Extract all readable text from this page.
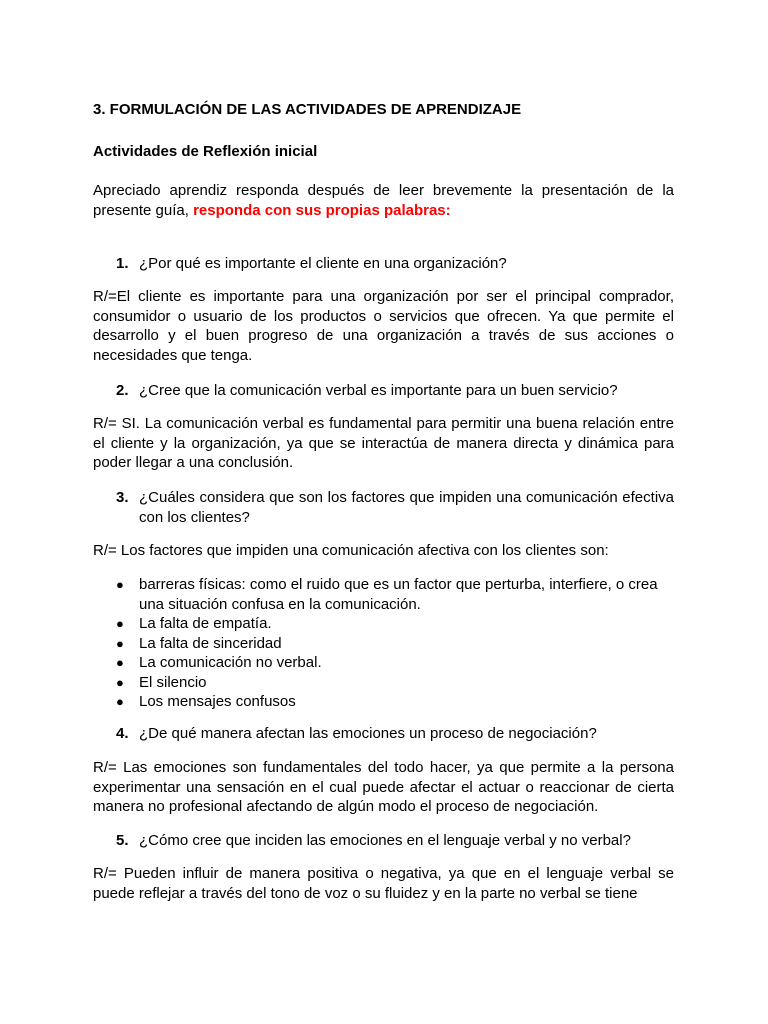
3. FORMULACIÓN DE LAS ACTIVIDADES DE APRENDIZAJE
Actividades de Reflexión inicial

Apreciado aprendiz responda después de leer brevemente la presentación de la presente guía, responda con sus propias palabras:

1. ¿Por qué es importante el cliente en una organización?

R/=El cliente es importante para una organización por ser el principal comprador, consumidor o usuario de los productos o servicios que ofrecen. Ya que permite el desarrollo y el buen progreso de una organización a través de sus acciones o necesidades que tenga.

2. ¿Cree que la comunicación verbal es importante para un buen servicio?

R/= SI. La comunicación verbal es fundamental para permitir una buena relación entre el cliente y la organización, ya que se interactúa de manera directa y dinámica para poder llegar a una conclusión.

3. ¿Cuáles considera que son los factores que impiden una comunicación efectiva con los clientes?

R/= Los factores que impiden una comunicación afectiva con los clientes son:

● barreras físicas: como el ruido que es un factor que perturba, interfiere, o crea una situación confusa en la comunicación.
● La falta de empatía.
● La falta de sinceridad
● La comunicación no verbal.
● El silencio
● Los mensajes confusos
4. ¿De qué manera afectan las emociones un proceso de negociación?

R/= Las emociones son fundamentales del todo hacer, ya que permite a la persona experimentar una sensación en el cual puede afectar el actuar o reaccionar de cierta manera no profesional afectando de algún modo el proceso de negociación.

5. ¿Cómo cree que inciden las emociones en el lenguaje verbal y no verbal?

R/= Pueden influir de manera positiva o negativa, ya que en el lenguaje verbal se puede reflejar a través del tono de voz o su fluidez y en la parte no verbal se tiene
